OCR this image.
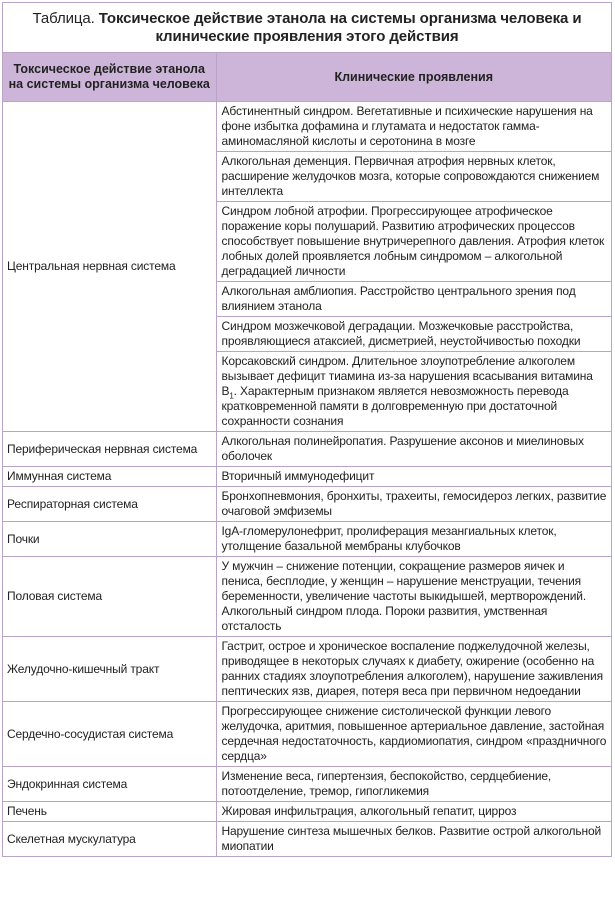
Таблица. Токсическое действие этанола на системы организма человека и клинические проявления этого действия
Токсическое действие этанола на системы организма человека	Клинические проявления
Центральная нервная система	Абстинентный синдром. Вегетативные и психические нарушения на фоне избытка дофамина и глутамата и недостаток гамма-аминомасляной кислоты и серотонина в мозге
	Алкогольная деменция. Первичная атрофия нервных клеток, расширение желудочков мозга, которые сопровождаются снижением интеллекта
	Синдром лобной атрофии. Прогрессирующее атрофическое поражение коры полушарий. Развитию атрофических процессов способствует повышение внутричерепного давления. Атрофия клеток лобных долей проявляется лобным синдромом – алкогольной деградацией личности
	Алкогольная амблиопия. Расстройство центрального зрения под влиянием этанола
	Синдром мозжечковой деградации. Мозжечковые расстройства, проявляющиеся атаксией, дисметрией, неустойчивостью походки
	Корсаковский синдром. Длительное злоупотребление алкоголем вызывает дефицит тиамина из-за нарушения всасывания витамина $B_1$. Характерным признаком является невозможность перевода кратковременной памяти в долговременную при достаточной сохранности сознания
Периферическая нервная система	Алкогольная полинейропатия. Разрушение аксонов и миелиновых оболочек
Иммунная система	Вторичный иммунодефицит
Респираторная система	Бронхопневмония, бронхиты, трахеиты, гемосидероз легких, развитие очаговой эмфиземы
Почки	IgA-гломерулонефрит, пролиферация мезангиальных клеток, утолщение базальной мембраны клубочков
Половая система	У мужчин – снижение потенции, сокращение размеров яичек и пениса, бесплодие, у женщин – нарушение менструации, течения беременности, увеличение частоты выкидышей, мертворождений. Алкогольный синдром плода. Пороки развития, умственная отсталость
Желудочно-кишечный тракт	Гастрит, острое и хроническое воспаление поджелудочной железы, приводящее в некоторых случаях к диабету, ожирение (особенно на ранних стадиях злоупотребления алкоголем), нарушение заживления пептических язв, диарея, потеря веса при первичном недоедании
Сердечно-сосудистая система	Прогрессирующее снижение систолической функции левого желудочка, аритмия, повышенное артериальное давление, застойная сердечная недостаточность, кардиомиопатия, синдром «праздничного сердца»
Эндокринная система	Изменение веса, гипертензия, беспокойство, сердцебиение, потоотделение, тремор, гипогликемия
Печень	Жировая инфильтрация, алкогольный гепатит, цирроз
Скелетная мускулатура	Нарушение синтеза мышечных белков. Развитие острой алкогольной миопатии
